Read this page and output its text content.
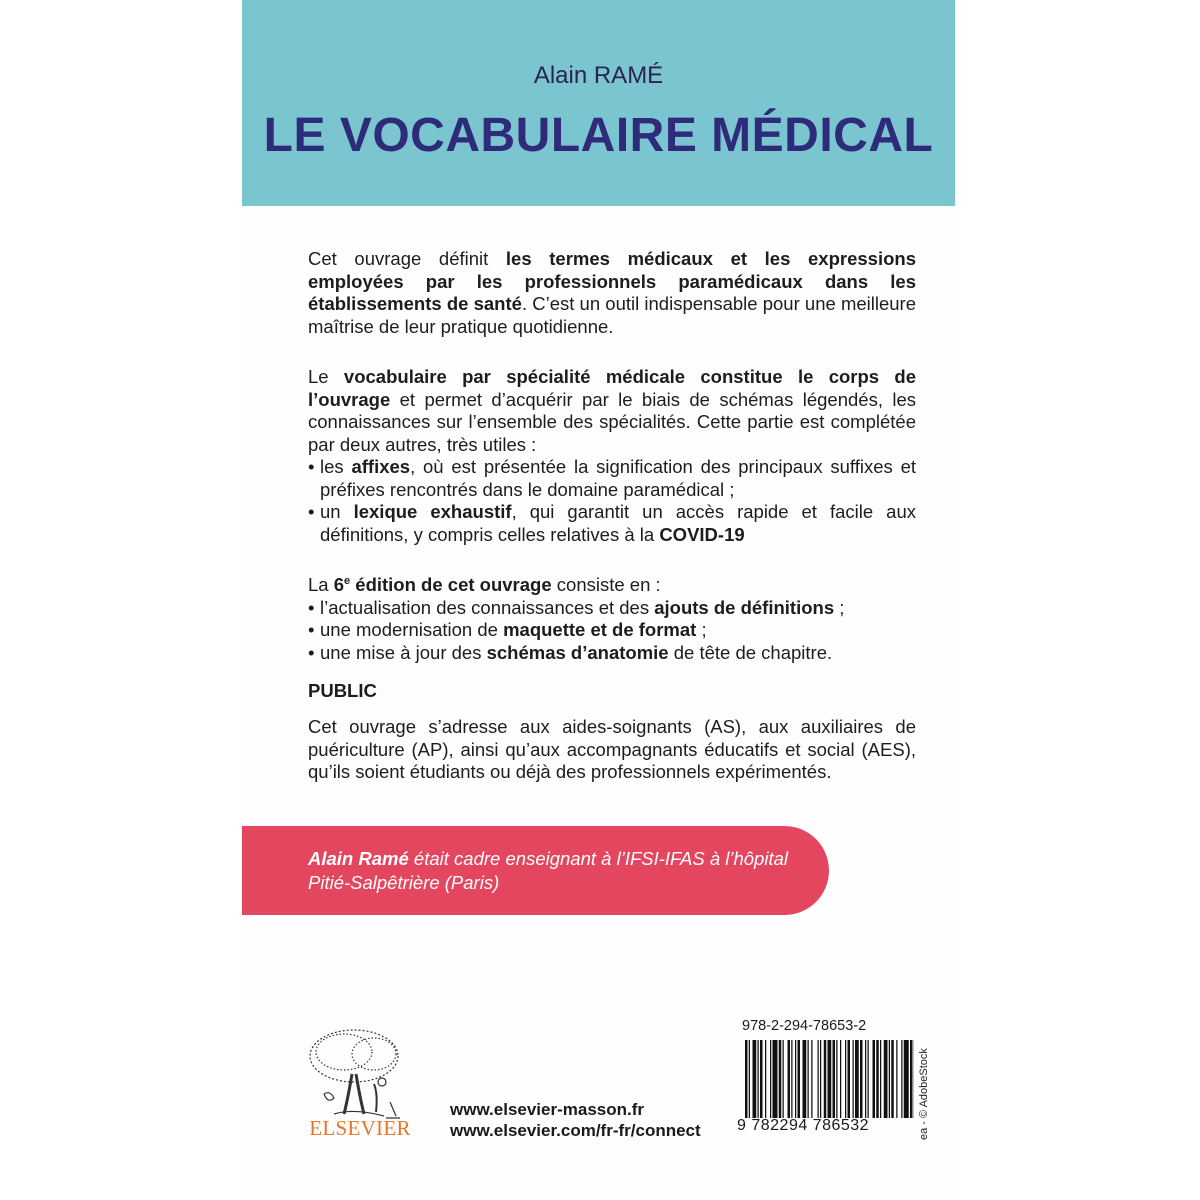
Alain RAMÉ
LE VOCABULAIRE MÉDICAL

Cet ouvrage définit les termes médicaux et les expressions employées par les professionnels paramédicaux dans les établissements de santé. C’est un outil indispensable pour une meilleure maîtrise de leur pratique quotidienne.

Le vocabulaire par spécialité médicale constitue le corps de l’ouvrage et permet d’acquérir par le biais de schémas légendés, les connaissances sur l’ensemble des spécialités. Cette partie est complétée par deux autres, très utiles :

• les affixes, où est présentée la signification des principaux suffixes et préfixes rencontrés dans le domaine paramédical ;
• un lexique exhaustif, qui garantit un accès rapide et facile aux définitions, y compris celles relatives à la COVID-19

La 6e édition de cet ouvrage consiste en :

• l’actualisation des connaissances et des ajouts de définitions ;
• une modernisation de maquette et de format ;
• une mise à jour des schémas d’anatomie de tête de chapitre.
PUBLIC

Cet ouvrage s’adresse aux aides-soignants (AS), aux auxiliaires de puériculture (AP), ainsi qu’aux accompagnants éducatifs et social (AES), qu’ils soient étudiants ou déjà des professionnels expérimentés.

Alain Ramé était cadre enseignant à l’IFSI-IFAS à l’hôpital Pitié-Salpêtrière (Paris)
ELSEVIER
www.elsevier-masson.fr
www.elsevier.com/fr-fr/connect
978-2-294-78653-2
9 782294 786532	ea - © AdobeStock
